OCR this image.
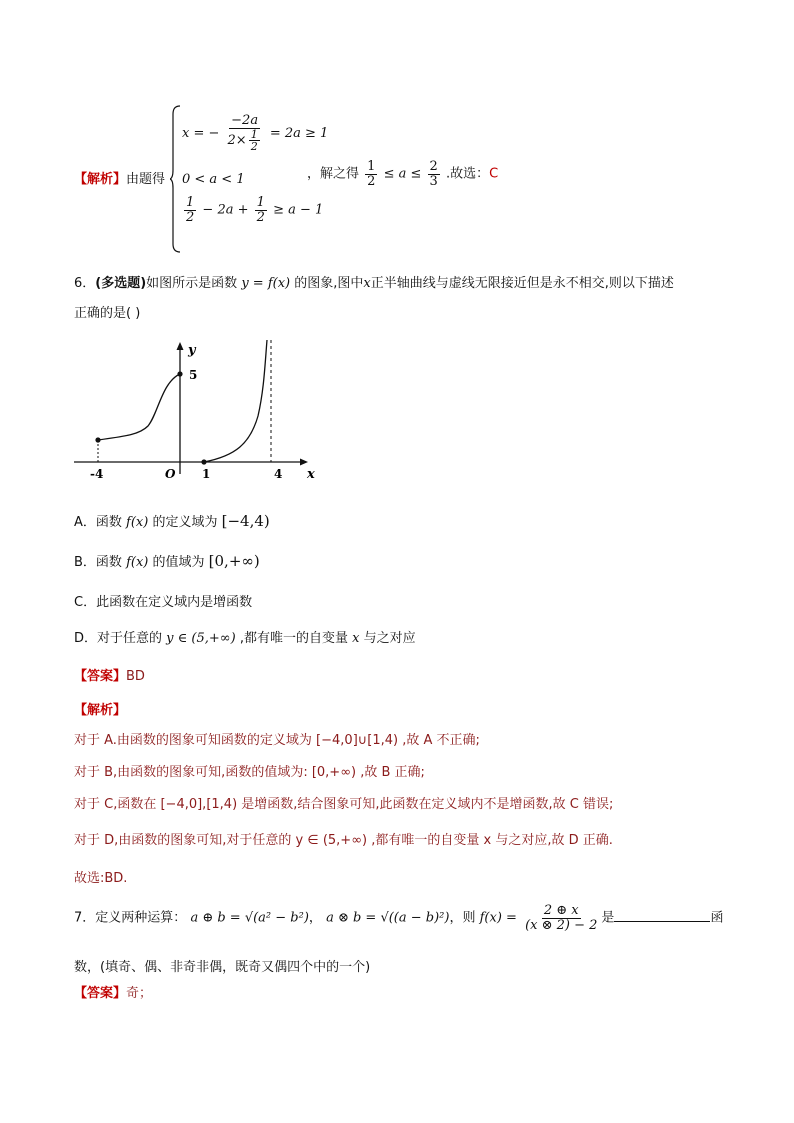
【解析】由题得
x = − $\frac{-2a}{2\times \frac{1}{2}} = 2a \ge 1$
0 < a < 1
$\frac{1}{2} - 2a + \frac{1}{2} \ge a - 1$
，解之得 $\frac{1}{2} \le a \le \frac{2}{3}$ .故选：C
6．(多选题)如图所示是函数 y = f(x) 的图象,图中x正半轴曲线与虚线无限接近但是永不相交,则以下描述
正确的是( )
y
x
O
5
-4	1	4
A．函数 f(x) 的定义域为 [−4,4)
B．函数 f(x) 的值域为 [0,+∞)
C．此函数在定义域内是增函数
D．对于任意的 y ∈ (5,+∞) ,都有唯一的自变量 x 与之对应
【答案】BD
【解析】
对于 A.由函数的图象可知函数的定义域为 [−4,0]∪[1,4) ,故 A 不正确;
对于 B,由函数的图象可知,函数的值域为: [0,+∞) ,故 B 正确;
对于 C,函数在 [−4,0],[1,4) 是增函数,结合图象可知,此函数在定义域内不是增函数,故 C 错误;
对于 D,由函数的图象可知,对于任意的 y ∈ (5,+∞) ,都有唯一的自变量 x 与之对应,故 D 正确.
故选:BD.
7．定义两种运算： a ⊕ b = √(a² − b²)， a ⊗ b = √((a − b)²)，则 $f(x) = \frac{2 \oplus x}{(x \otimes 2) - 2}$ 是	函
数，(填奇、偶、非奇非偶，既奇又偶四个中的一个)
【答案】奇；
